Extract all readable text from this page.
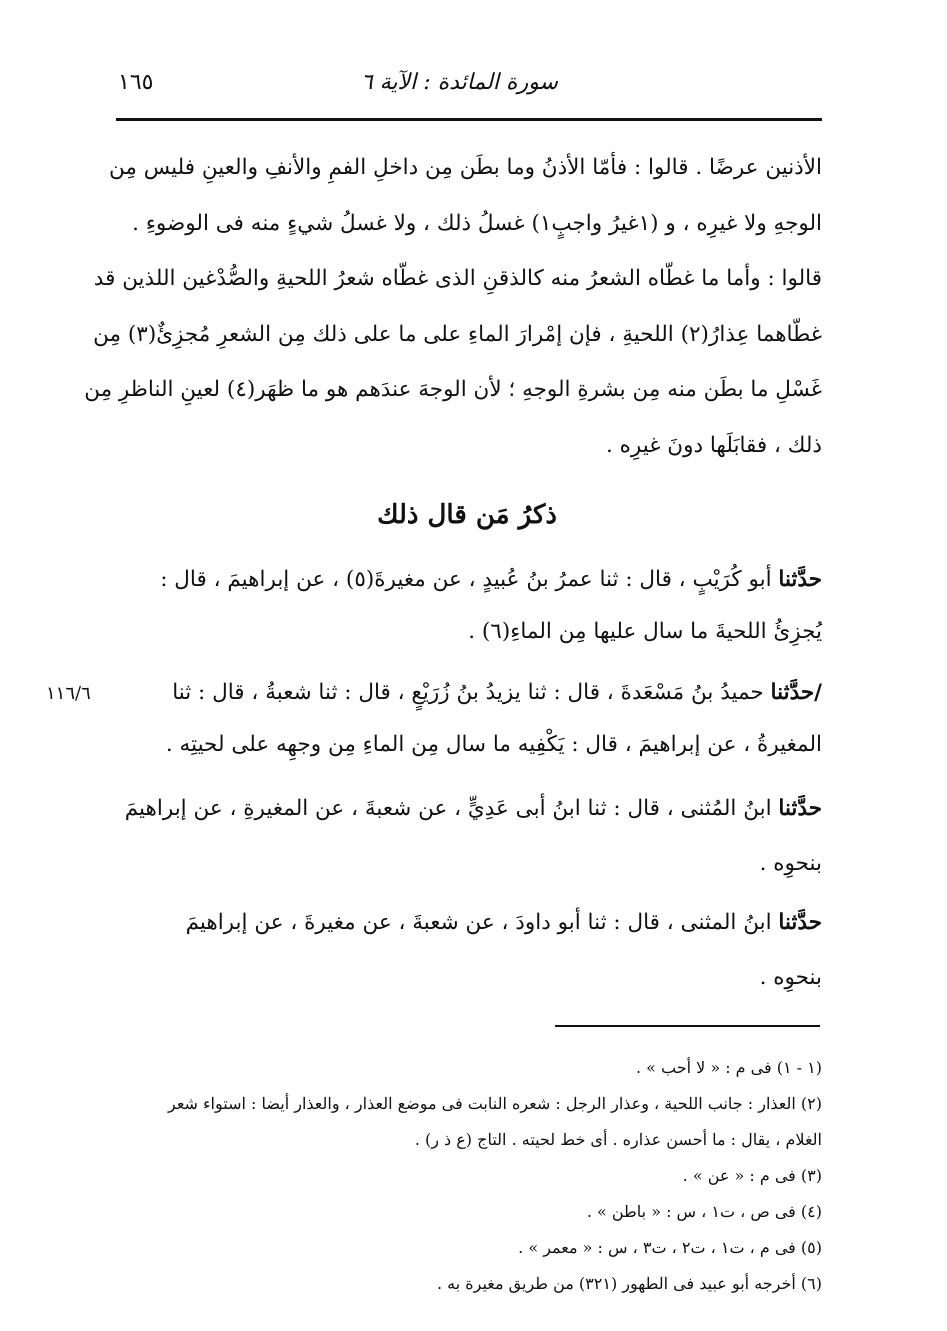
١٦٥	سورة المائدة : الآية ٦
الأذنين عرضًا . قالوا : فأمّا الأذنُ وما بطَن مِن داخلِ الفمِ والأنفِ والعينِ فليس مِن
الوجهِ ولا غيرِه ، و (١غيرُ واجبٍ١) غسلُ ذلك ، ولا غسلُ شيءٍ منه فى الوضوءِ .
قالوا : وأما ما غطّاه الشعرُ منه كالذقنِ الذى غطّاه شعرُ اللحيةِ والصُّدْغين اللذين قد
غطّاهما عِذارُ(٢) اللحيةِ ، فإن إمْرارَ الماءِ على ما على ذلك مِن الشعرِ مُجزِئٌ(٣) مِن
غَسْلِ ما بطَن منه مِن بشرةِ الوجهِ ؛ لأن الوجهَ عندَهم هو ما ظهَر(٤) لعينِ الناظرِ مِن
ذلك ، فقابَلَها دونَ غيرِه .
ذكرُ مَن قال ذلك
حدَّثنا أبو كُرَيْبٍ ، قال : ثنا عمرُ بنُ عُبيدٍ ، عن مغيرةَ(٥) ، عن إبراهيمَ ، قال :
يُجزِئُ اللحيةَ ما سال عليها مِن الماءِ(٦) .
١١٦/٦	/حدَّثنا حميدُ بنُ مَسْعَدةَ ، قال : ثنا يزيدُ بنُ زُرَيْعٍ ، قال : ثنا شعبةُ ، قال : ثنا
المغيرةُ ، عن إبراهيمَ ، قال : يَكْفِيه ما سال مِن الماءِ مِن وجهِه على لحيتِه .
حدَّثنا ابنُ المُثنى ، قال : ثنا ابنُ أبى عَدِيٍّ ، عن شعبةَ ، عن المغيرةِ ، عن إبراهيمَ
بنحوِه .
حدَّثنا ابنُ المثنى ، قال : ثنا أبو داودَ ، عن شعبةَ ، عن مغيرةَ ، عن إبراهيمَ
بنحوِه .
(١ - ١) فى م : « لا أحب » .
(٢) العذار : جانب اللحية ، وعذار الرجل : شعره النابت فى موضع العذار ، والعذار أيضا : استواء شعر
الغلام ، يقال : ما أحسن عذاره . أى خط لحيته . التاج (ع ذ ر) .
(٣) فى م : « عن » .
(٤) فى ص ، ت١ ، س : « باطن » .
(٥) فى م ، ت١ ، ت٢ ، ت٣ ، س : « معمر » .
(٦) أخرجه أبو عبيد فى الطهور (٣٢١) من طريق مغيرة به .
